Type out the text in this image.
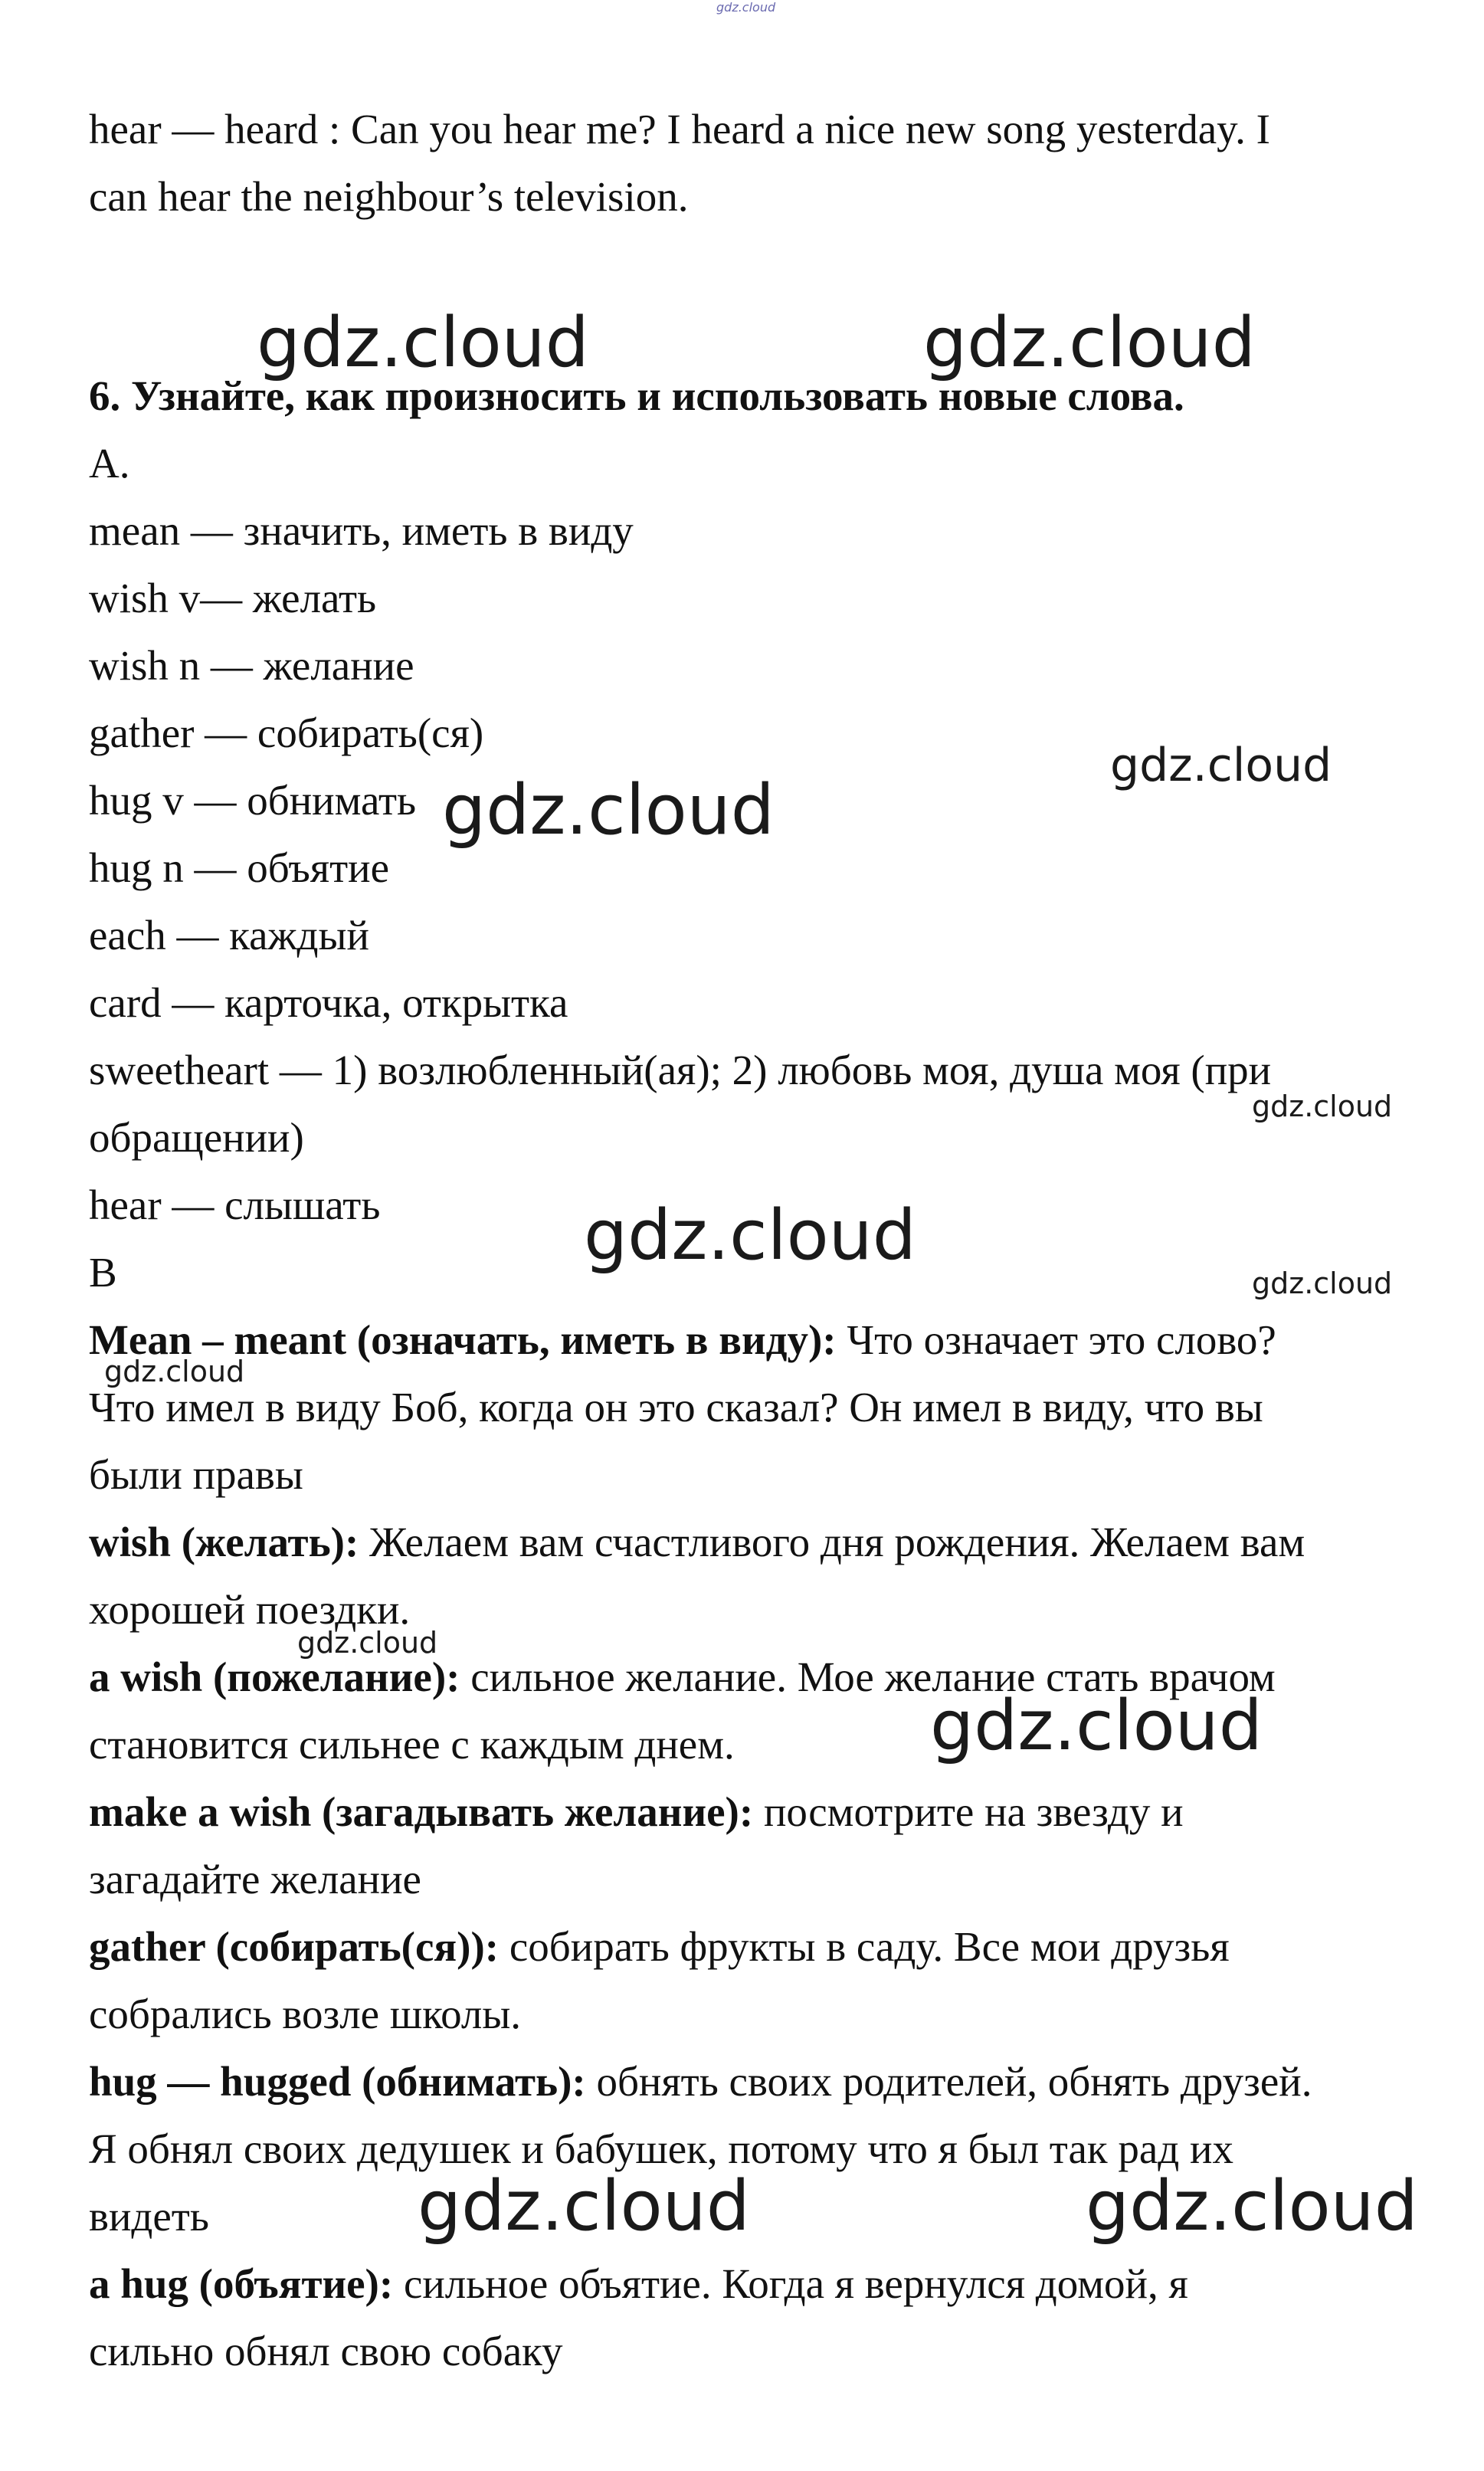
gdz.cloud

hear — heard : Can you hear me? I heard a nice new song yesterday. I

can hear the neighbour’s television.

6. Узнайте, как произносить и использовать новые слова.

A.

mean — значить, иметь в виду

wish v— желать

wish n — желание

gather — собирать(ся)

hug v — обнимать

hug n — объятие

each — каждый

card — карточка, открытка

sweetheart — 1) возлюбленный(ая); 2) любовь моя, душа моя (при

обращении)

hear — слышать

B

Mean – meant (означать, иметь в виду): Что означает это слово?

Что имел в виду Боб, когда он это сказал? Он имел в виду, что вы

были правы

wish (желать): Желаем вам счастливого дня рождения. Желаем вам

хорошей поездки.

a wish (пожелание): сильное желание. Мое желание стать врачом

становится сильнее с каждым днем.

make a wish (загадывать желание): посмотрите на звезду и

загадайте желание

gather (собирать(ся)): собирать фрукты в саду. Все мои друзья

собрались возле школы.

hug — hugged (обнимать): обнять своих родителей, обнять друзей.

Я обнял своих дедушек и бабушек, потому что я был так рад их

видеть

a hug (объятие): сильное объятие. Когда я вернулся домой, я

сильно обнял свою собаку

gdz.cloud	gdz.cloud
gdz.cloud
gdz.cloud
gdz.cloud
gdz.cloud
gdz.cloud
gdz.cloud
gdz.cloud
gdz.cloud
gdz.cloud	gdz.cloud
